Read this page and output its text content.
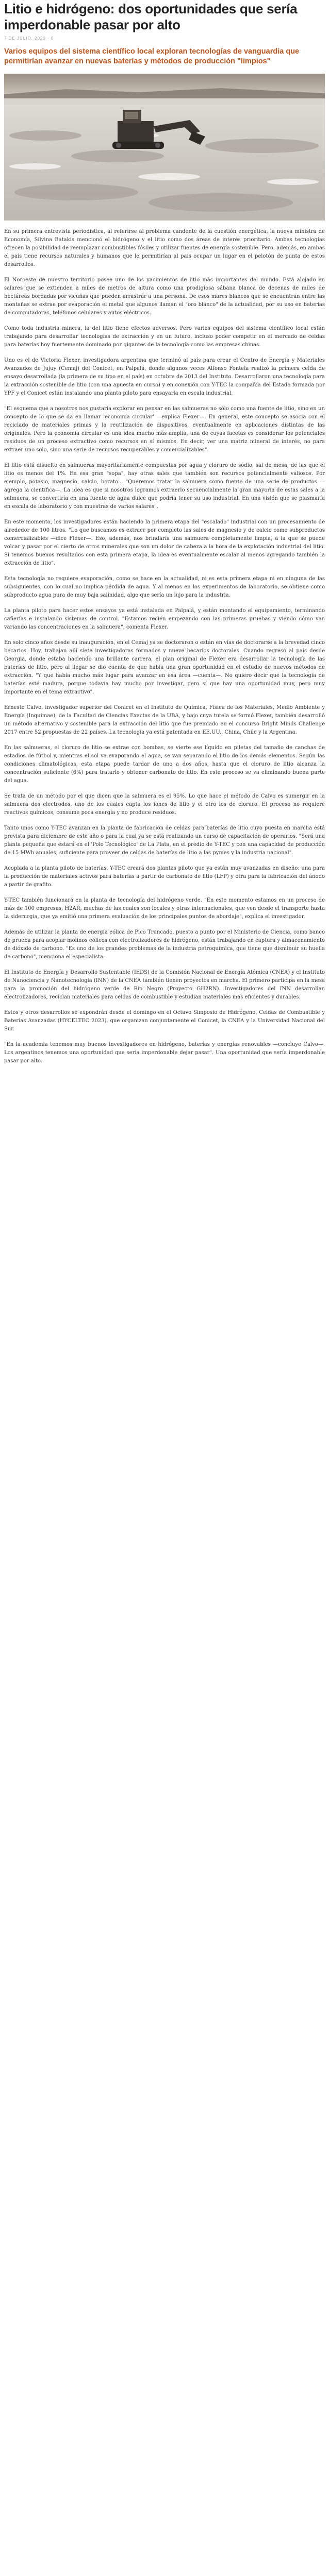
Litio e hidrógeno: dos oportunidades que sería imperdonable pasar por alto
7 DE JULIO, 2023 · 0
Varios equipos del sistema científico local exploran tecnologías de vanguardia que permitirían avanzar en nuevas baterías y métodos de producción "limpios"

En su primera entrevista periodística, al referirse al problema candente de la cuestión energética, la nueva ministra de Economía, Silvina Batakis mencionó el hidrógeno y el litio como dos áreas de interés prioritario. Ambas tecnologías ofrecen la posibilidad de reemplazar combustibles fósiles y utilizar fuentes de energía sostenible. Pero, además, en ambas el país tiene recursos naturales y humanos que le permitirían al país ocupar un lugar en el pelotón de punta de estos desarrollos.

El Noroeste de nuestro territorio posee uno de los yacimientos de litio más importantes del mundo. Está alojado en salares que se extienden a miles de metros de altura como una prodigiosa sábana blanca de decenas de miles de hectáreas bordadas por vicuñas que pueden arrastrar a una persona. De esos mares blancos que se encuentran entre las montañas se extrae por evaporación el metal que algunos llaman el "oro blanco" de la actualidad, por su uso en baterías de computadoras, teléfonos celulares y autos eléctricos.

Como toda industria minera, la del litio tiene efectos adversos. Pero varios equipos del sistema científico local están trabajando para desarrollar tecnologías de extracción y en un futuro, incluso poder competir en el mercado de celdas para baterías hoy fuertemente dominado por gigantes de la tecnología como las empresas chinas.

Uno es el de Victoria Flexer, investigadora argentina que terminó al país para crear el Centro de Energía y Materiales Avanzados de Jujuy (Cemaj) del Conicet, en Palpalá, donde algunos veces Alfonso Fontela realizó la primera celda de ensayo desarrollada (la primera de su tipo en el país) en octubre de 2013 del Instituto. Desarrollaron una tecnología para la extracción sostenible de litio (con una apuesta en curso) y en conexión con Y-TEC la compañía del Estado formada por YPF y el Conicet están instalando una planta piloto para ensayarla en escala industrial.

"El esquema que a nosotros nos gustaría explorar en pensar en las salmueras no sólo como una fuente de litio, sino en un concepto de lo que se da en llamar 'economía circular' —explica Flexer—. En general, este concepto se asocia con el reciclado de materiales primas y la reutilización de dispositivos, eventualmente en aplicaciones distintas de las originales. Pero la economía circular es una idea mucho más amplia, una de cuyas facetas es considerar los potenciales residuos de un proceso extractivo como recursos en sí mismos. En decir, ver una matriz mineral de interés, no para extraer uno solo, sino una serie de recursos recuperables y comercializables".

El litio está disuelto en salmueras mayoritariamente compuestas por agua y cloruro de sodio, sal de mesa, de las que el litio es menos del 1%. En esa gran "sopa", hay otras sales que también son recursos potencialmente valiosos. Por ejemplo, potasio, magnesio, calcio, borato... "Queremos tratar la salmuera como fuente de una serie de productos —agrega la científica—. La idea es que si nosotros logramos extraerlo secuencialmente la gran mayoría de estas sales a la salmuera, se convertiría en una fuente de agua dulce que podría tener su uso industrial. En una visión que se plasmaría en escala de laboratorio y con muestras de varios salares".

En este momento, los investigadores están haciendo la primera etapa del "escalado" industrial con un procesamiento de alrededor de 100 litros. "Lo que buscamos es extraer por completo las sales de magnesio y de calcio como subproductos comercializables —dice Flexer—. Eso, además, nos brindaría una salmuera completamente limpia, a la que se puede volcar y pasar por el cierto de otros minerales que son un dolor de cabeza a la hora de la explotación industrial del litio. Si tenemos buenos resultados con esta primera etapa, la idea es eventualmente escalar al menos agregando también la extracción de litio".

Esta tecnología no requiere evaporación, como se hace en la actualidad, ni es esta primera etapa ni en ninguna de las subsiguientes, con lo cual no implica pérdida de agua. Y al menos en los experimentos de laboratorio, se obtiene como subproducto agua pura de muy baja salinidad, algo que sería un lujo para la industria.

La planta piloto para hacer estos ensayos ya está instalada en Palpalá, y están montando el equipamiento, terminando cañerías e instalando sistemas de control. "Estamos recién empezando con las primeras pruebas y viendo cómo van variando las concentraciones en la salmuera", comenta Flexer.

En solo cinco años desde su inauguración, en el Cemaj ya se doctoraron o están en vías de doctorarse a la brevedad cinco becarios. Hoy, trabajan allí siete investigadoras formados y nueve becarios doctorales. Cuando regresó al país desde Georgia, donde estaba haciendo una brillante carrera, el plan original de Flexer era desarrollar la tecnología de las baterías de litio, pero al llegar se dio cuenta de que había una gran oportunidad en el estudio de nuevos métodos de extracción. "Y que había mucho más lugar para avanzar en esa área —cuenta—. No quiero decir que la tecnología de baterías esté madura, porque todavía hay mucho por investigar, pero sí que hay una oportunidad muy, pero muy importante en el tema extractivo".

Ernesto Calvo, investigador superior del Conicet en el Instituto de Química, Física de los Materiales, Medio Ambiente y Energía (Inquimae), de la Facultad de Ciencias Exactas de la UBA, y bajo cuya tutela se formó Flexer, también desarrolló un método alternativo y sostenible para la extracción del litio que fue premiado en el concurso Bright Minds Challenge 2017 entre 52 propuestas de 22 países. La tecnología ya está patentada en EE.UU., China, Chile y la Argentina.

En las salmueras, el cloruro de litio se extrae con bombas, se vierte ese líquido en piletas del tamaño de canchas de estadios de fútbol y, mientras el sol va evaporando el agua, se van separando el litio de los demás elementos. Según las condiciones climatológicas, esta etapa puede tardar de uno a dos años, hasta que el cloruro de litio alcanza la concentración suficiente (6%) para tratarlo y obtener carbonato de litio. En este proceso se va eliminando buena parte del agua.

Se trata de un método por el que dicen que la salmuera es el 95%. Lo que hace el método de Calvo es sumergir en la salmuera dos electrodos, uno de los cuales capta los iones de litio y el otro los de cloruro. El proceso no requiere reactivos químicos, consume poca energía y no produce residuos.

Tanto unos como Y-TEC avanzan en la planta de fabricación de celdas para baterías de litio cuyo puesta en marcha está prevista para diciembre de este año o para la cual ya se está realizando un curso de capacitación de operarios. "Será una planta pequeña que estará en el 'Polo Tecnológico' de La Plata, en el predio de Y-TEC y con una capacidad de producción de 15 MWh anuales, suficiente para proveer de celdas de baterías de litio a las pymes y la industria nacional".

Acoplada a la planta piloto de baterías, Y-TEC creará dos plantas piloto que ya están muy avanzadas en diseño: una para la producción de materiales activos para baterías a partir de carbonato de litio (LFP) y otra para la fabricación del ánodo a partir de grafito.

Y-TEC también funcionará en la planta de tecnología del hidrógeno verde. "En este momento estamos en un proceso de más de 100 empresas, H2AR, muchas de las cuales son locales y otras internacionales, que ven desde el transporte hasta la siderurgia, que ya emitió una primera evaluación de los principales puntos de abordaje", explica el investigador.

Además de utilizar la planta de energía eólica de Pico Truncado, puesto a punto por el Ministerio de Ciencia, como banco de prueba para acoplar molinos eólicos con electrolizadores de hidrógeno, están trabajando en captura y almacenamiento de dióxido de carbono. "Es uno de los grandes problemas de la industria petroquímica, que tiene que disminuir su huella de carbono", menciona el especialista.

El Instituto de Energía y Desarrollo Sustentable (IEDS) de la Comisión Nacional de Energía Atómica (CNEA) y el Instituto de Nanociencia y Nanotecnología (INN) de la CNEA también tienen proyectos en marcha. El primero participa en la mesa para la promoción del hidrógeno verde de Río Negro (Proyecto GH2RN). Investigadores del INN desarrollan electrolizadores, reciclan materiales para celdas de combustible y estudian materiales más eficientes y durables.

Estos y otros desarrollos se expondrán desde el domingo en el Octavo Simposio de Hidrógeno, Celdas de Combustible y Baterías Avanzadas (HYCELTEC 2023), que organizan conjuntamente el Conicet, la CNEA y la Universidad Nacional del Sur.

"En la academia tenemos muy buenos investigadores en hidrógeno, baterías y energías renovables —concluye Calvo—. Los argentinos tenemos una oportunidad que sería imperdonable dejar pasar". Una oportunidad que sería imperdonable pasar por alto.
